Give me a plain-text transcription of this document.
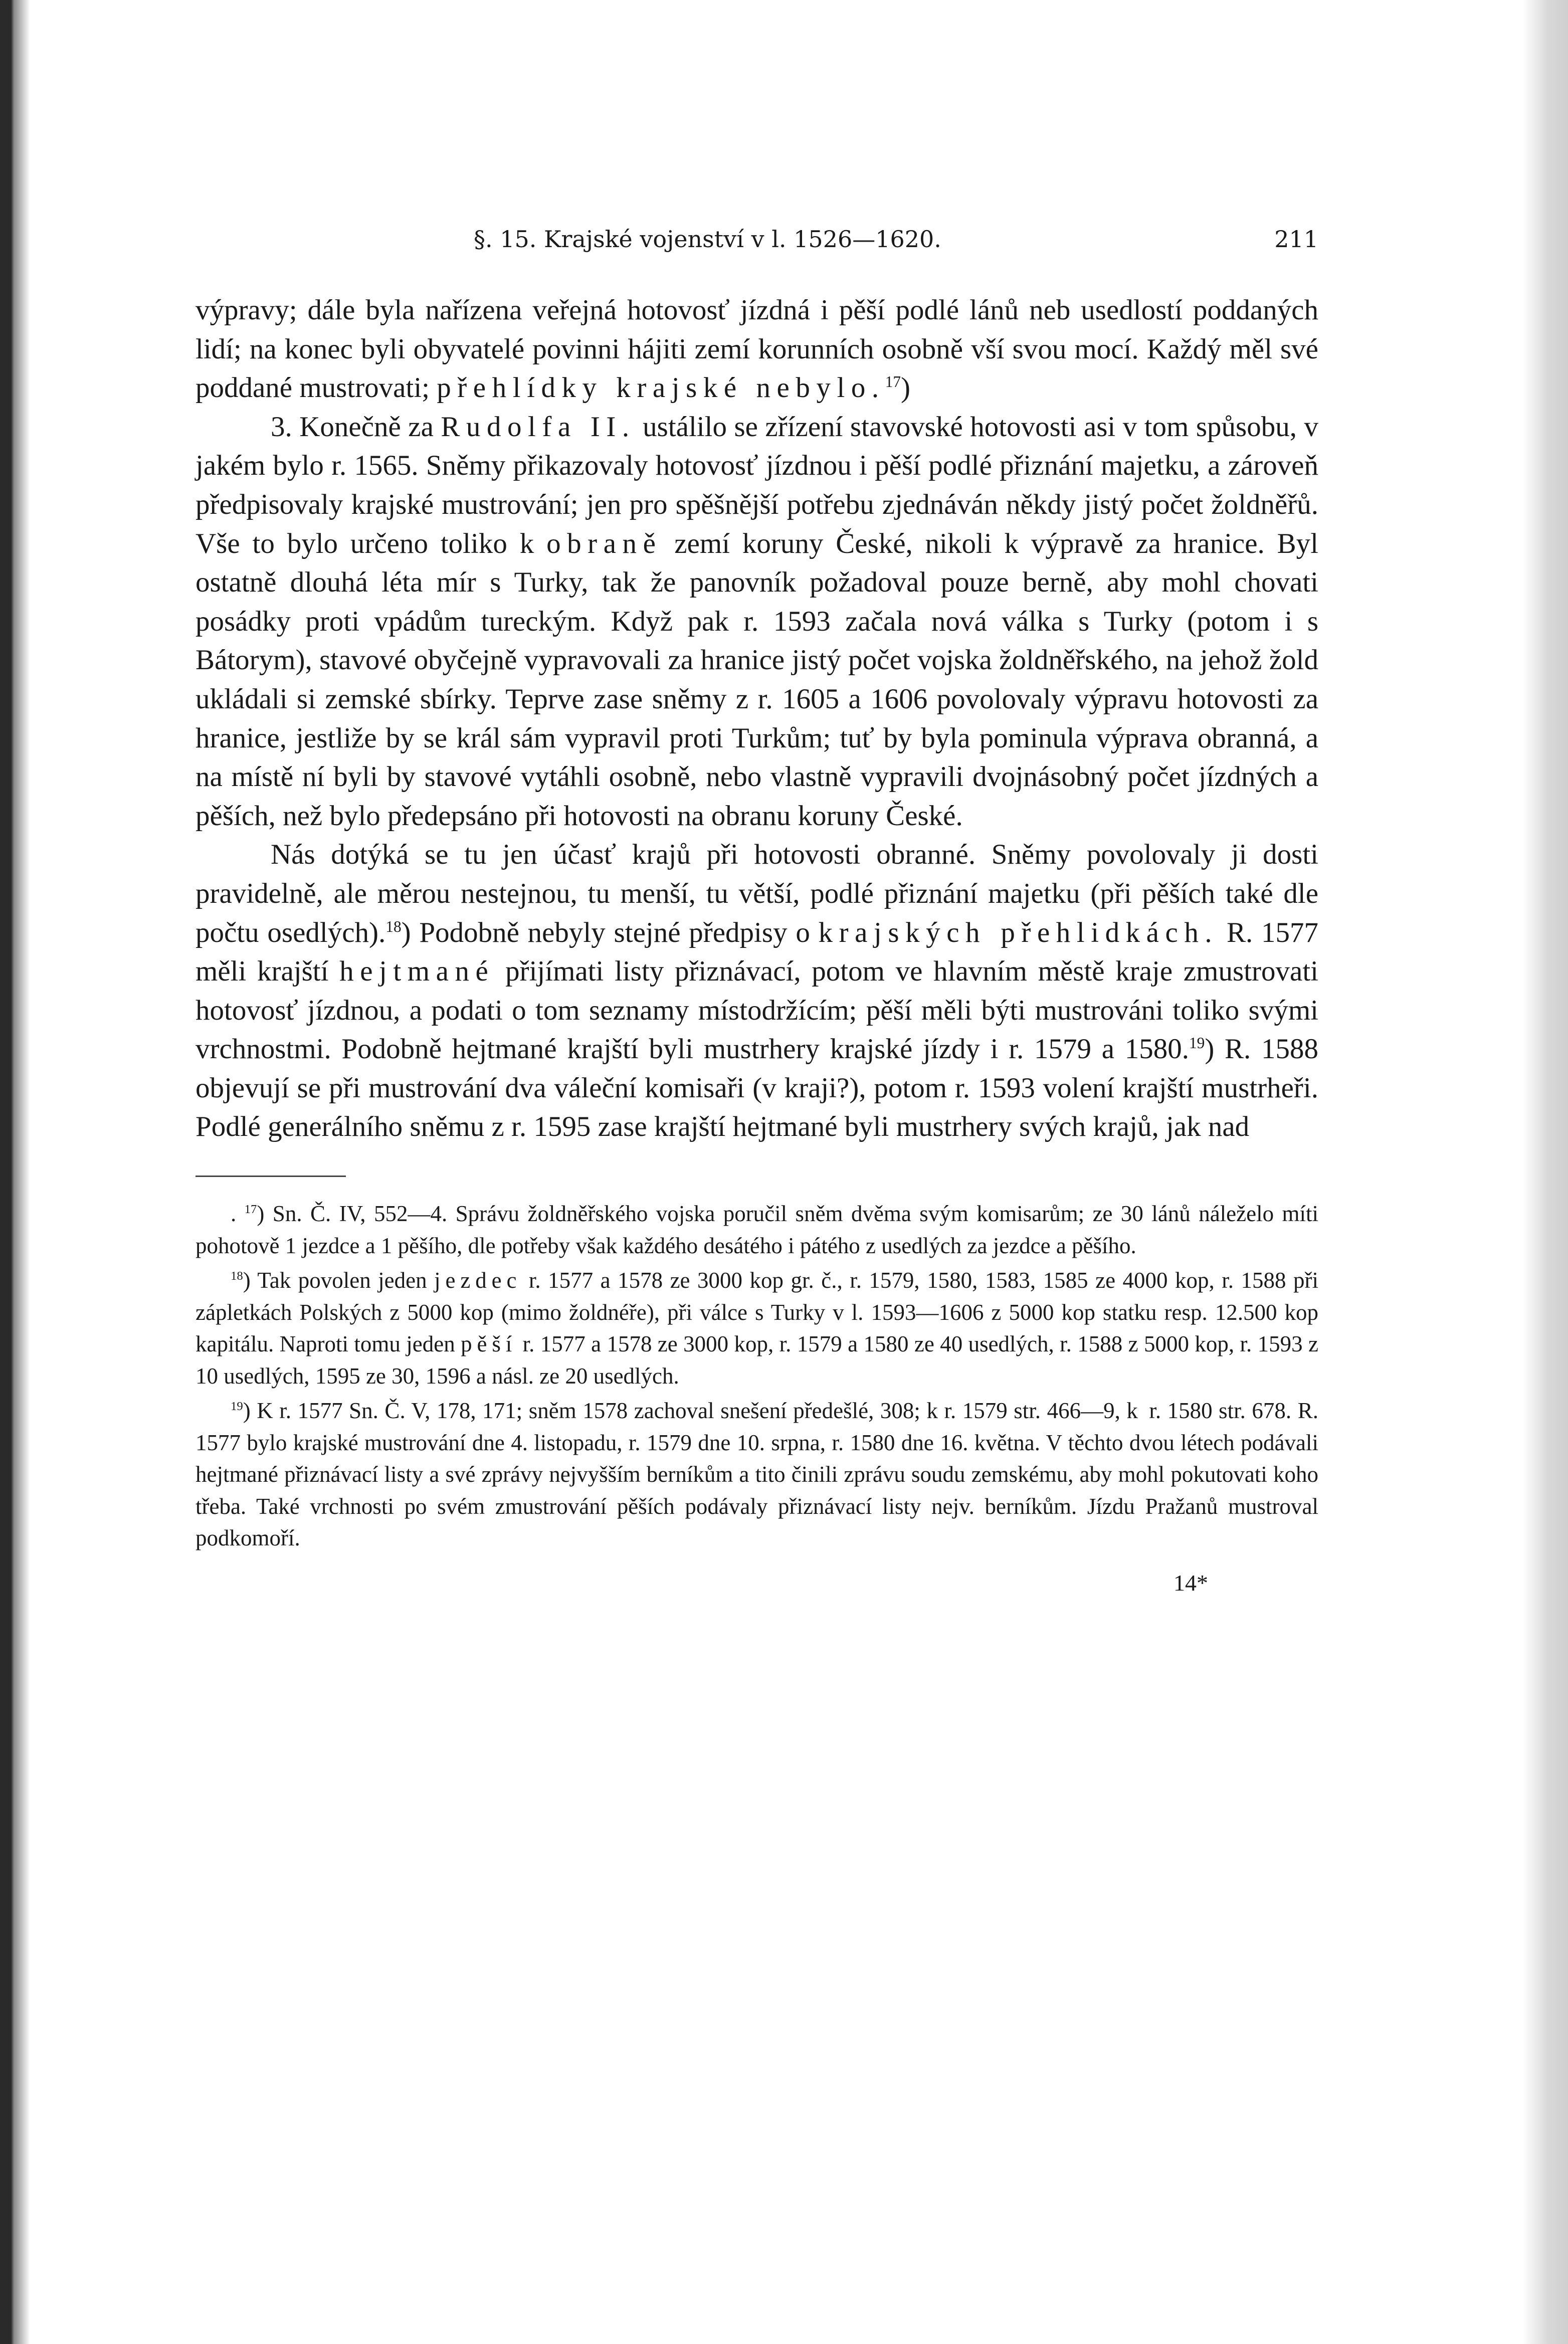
§. 15. Krajské vojenství v l. 1526—1620.	211

výpravy; dále byla nařízena veřejná hotovosť jízdná i pěší podlé lánů neb usedlostí poddaných lidí; na konec byli obyvatelé povinni hájiti zemí korunních osobně vší svou mocí. Každý měl své poddané mustrovati; přehlídky krajské nebylo.$^{17}$)

3. Konečně za Rudolfa II. ustálilo se zřízení stavovské hotovosti asi v tom spůsobu, v jakém bylo r. 1565. Sněmy přikazovaly hotovosť jízdnou i pěší podlé přiznání majetku, a zároveň předpisovaly krajské mustrování; jen pro spěšnější potřebu zjednáván někdy jistý počet žoldněřů. Vše to bylo určeno toliko k obraně zemí koruny České, nikoli k výpravě za hranice. Byl ostatně dlouhá léta mír s Turky, tak že panovník požadoval pouze berně, aby mohl chovati posádky proti vpádům tureckým. Když pak r. 1593 začala nová válka s Turky (potom i s Bátorym), stavové obyčejně vypravovali za hranice jistý počet vojska žoldněřského, na jehož žold ukládali si zemské sbírky. Teprve zase sněmy z r. 1605 a 1606 povolovaly výpravu hotovosti za hranice, jestliže by se král sám vypravil proti Turkům; tuť by byla pominula výprava obranná, a na místě ní byli by stavové vytáhli osobně, nebo vlastně vypravili dvojnásobný počet jízdných a pěších, než bylo předepsáno při hotovosti na obranu koruny České.

Nás dotýká se tu jen účasť krajů při hotovosti obranné. Sněmy povolovaly ji dosti pravidelně, ale měrou nestejnou, tu menší, tu větší, podlé přiznání majetku (při pěších také dle počtu osedlých).$^{18}$) Podobně nebyly stejné předpisy o krajských přehlidkách. R. 1577 měli krajští hejtmané přijímati listy přiznávací, potom ve hlavním městě kraje zmustrovati hotovosť jízdnou, a podati o tom seznamy místodržícím; pěší měli býti mustrováni toliko svými vrchnostmi. Podobně hejtmané krajští byli mustrhery krajské jízdy i r. 1579 a 1580.19) R. 1588 objevují se při mustrování dva váleční komisaři (v kraji?), potom r. 1593 volení krajští mustrheři. Podlé generálního sněmu z r. 1595 zase krajští hejtmané byli mustrhery svých krajů, jak nad

. $^{17}$) Sn. Č. IV, 552—4. Správu žoldněřského vojska poručil sněm dvěma svým komisarům; ze 30 lánů náleželo míti pohotově 1 jezdce a 1 pěšího, dle potřeby však každého desátého i pátého z usedlých za jezdce a pěšího.

$^{18}$) Tak povolen jeden jezdec r. 1577 a 1578 ze 3000 kop gr. č., r. 1579, 1580, 1583, 1585 ze 4000 kop, r. 1588 při zápletkách Polských z 5000 kop (mimo žoldnéře), při válce s Turky v l. 1593—1606 z 5000 kop statku resp. 12.500 kop kapitálu. Naproti tomu jeden pěší r. 1577 a 1578 ze 3000 kop, r. 1579 a 1580 ze 40 usedlých, r. 1588 z 5000 kop, r. 1593 z 10 usedlých, 1595 ze 30, 1596 a násl. ze 20 usedlých.

$^{19}$) K r. 1577 Sn. Č. V, 178, 171; sněm 1578 zachoval snešení předešlé, 308; k r. 1579 str. 466—9, k r. 1580 str. 678. R. 1577 bylo krajské mustrování dne 4. listopadu, r. 1579 dne 10. srpna, r. 1580 dne 16. května. V těchto dvou létech podávali hejtmané přiznávací listy a své zprávy nejvyšším berníkům a tito činili zprávu soudu zemskému, aby mohl pokutovati koho třeba. Také vrchnosti po svém zmustrování pěších podávaly přiznávací listy nejv. berníkům. Jízdu Pražanů mustroval podkomoří.

14*
